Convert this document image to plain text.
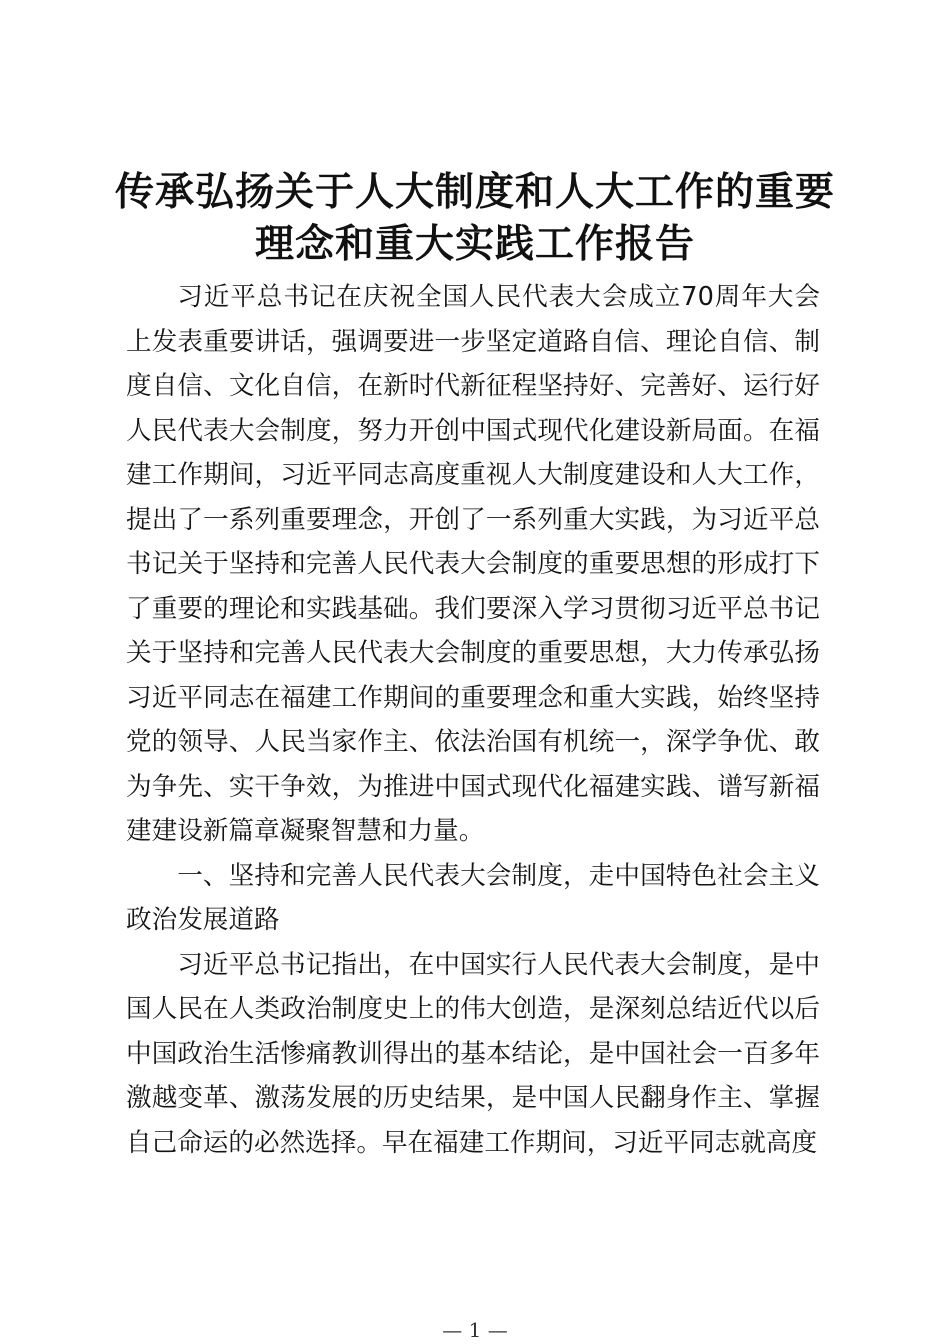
传承弘扬关于人大制度和人大工作的重要理念和重大实践工作报告

习近平总书记在庆祝全国人民代表大会成立70周年大会上发表重要讲话，强调要进一步坚定道路自信、理论自信、制度自信、文化自信，在新时代新征程坚持好、完善好、运行好人民代表大会制度，努力开创中国式现代化建设新局面。在福建工作期间，习近平同志高度重视人大制度建设和人大工作，提出了一系列重要理念，开创了一系列重大实践，为习近平总书记关于坚持和完善人民代表大会制度的重要思想的形成打下了重要的理论和实践基础。我们要深入学习贯彻习近平总书记关于坚持和完善人民代表大会制度的重要思想，大力传承弘扬习近平同志在福建工作期间的重要理念和重大实践，始终坚持党的领导、人民当家作主、依法治国有机统一，深学争优、敢为争先、实干争效，为推进中国式现代化福建实践、谱写新福建建设新篇章凝聚智慧和力量。

一、坚持和完善人民代表大会制度，走中国特色社会主义政治发展道路

习近平总书记指出，在中国实行人民代表大会制度，是中国人民在人类政治制度史上的伟大创造，是深刻总结近代以后中国政治生活惨痛教训得出的基本结论，是中国社会一百多年激越变革、激荡发展的历史结果，是中国人民翻身作主、掌握自己命运的必然选择。早在福建工作期间，习近平同志就高度

— 1 —
